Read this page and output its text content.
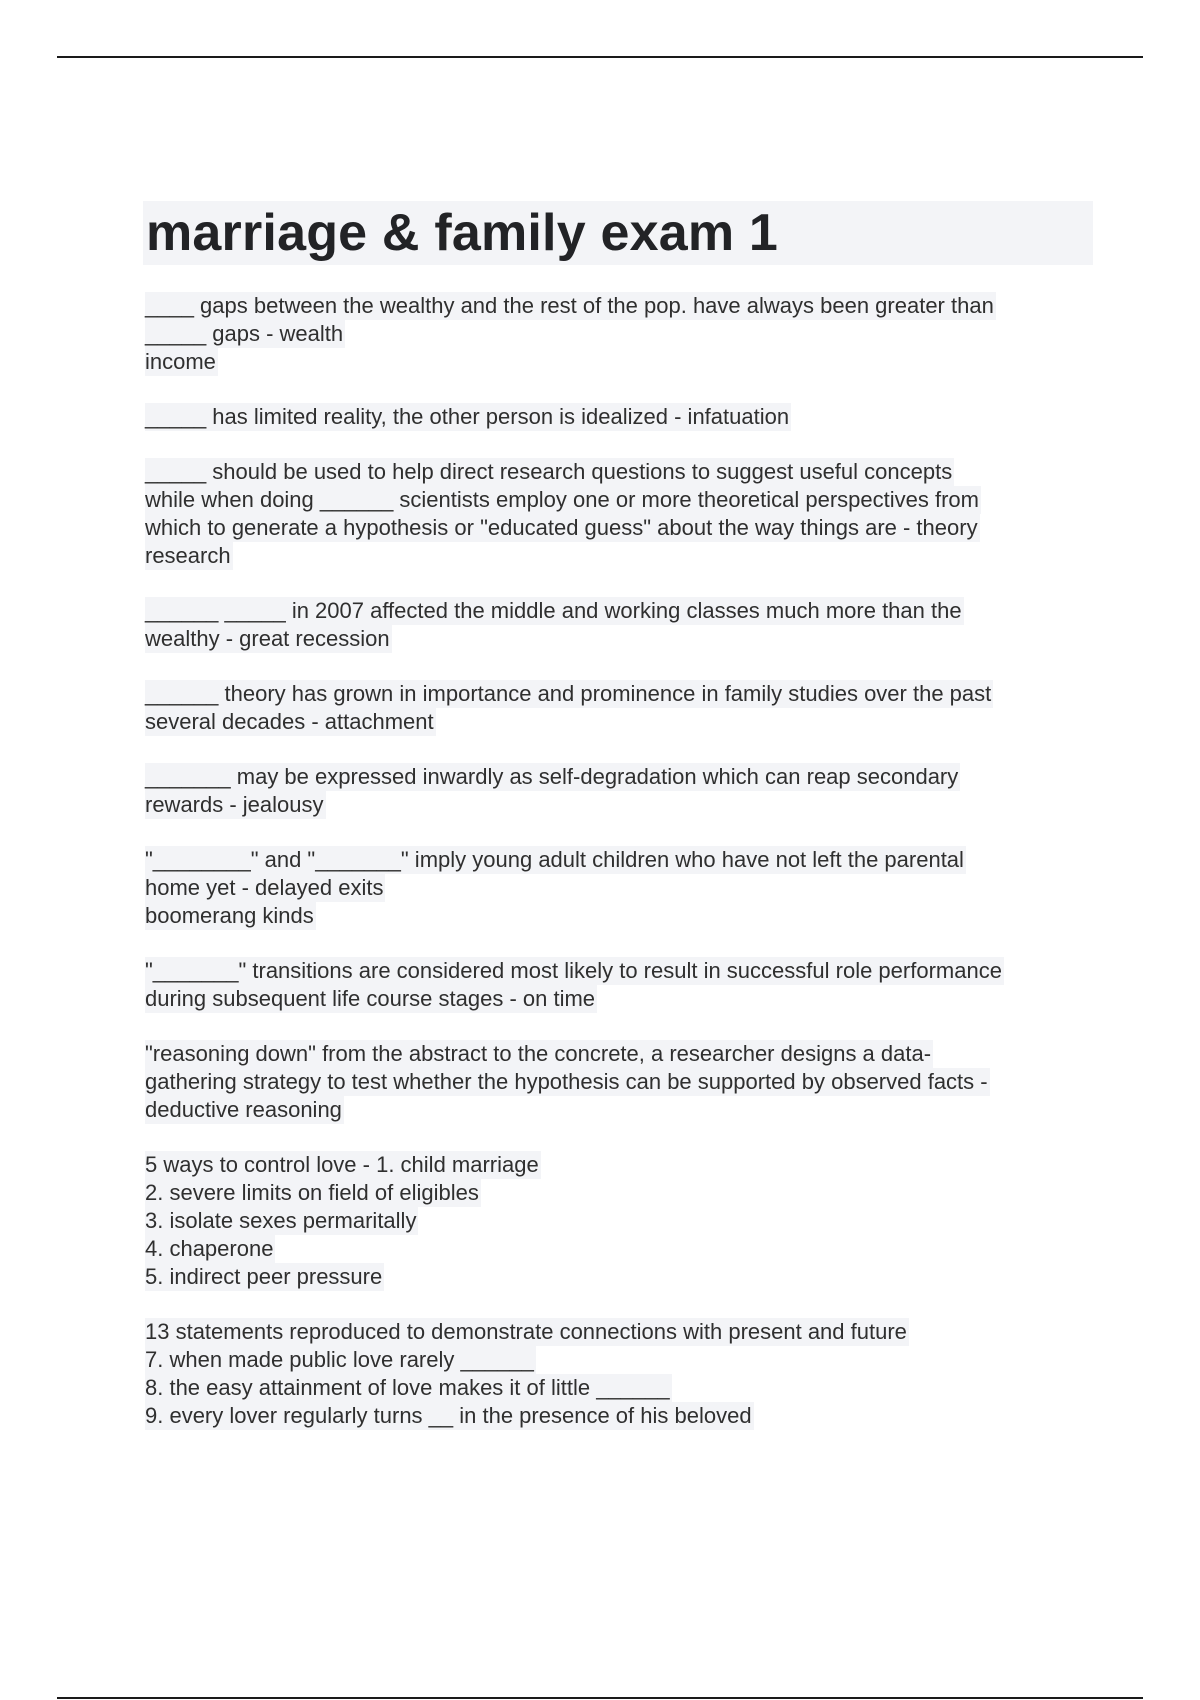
marriage & family exam 1
____ gaps between the wealthy and the rest of the pop. have always been greater than
_____ gaps - wealth
income
_____ has limited reality, the other person is idealized - infatuation
_____ should be used to help direct research questions to suggest useful concepts
while when doing ______ scientists employ one or more theoretical perspectives from
which to generate a hypothesis or "educated guess" about the way things are - theory
research
______ _____ in 2007 affected the middle and working classes much more than the
wealthy - great recession
______ theory has grown in importance and prominence in family studies over the past
several decades - attachment
_______ may be expressed inwardly as self-degradation which can reap secondary
rewards - jealousy
"________" and "_______" imply young adult children who have not left the parental
home yet - delayed exits
boomerang kinds
"_______" transitions are considered most likely to result in successful role performance
during subsequent life course stages - on time
"reasoning down" from the abstract to the concrete, a researcher designs a data-
gathering strategy to test whether the hypothesis can be supported by observed facts -
deductive reasoning
5 ways to control love - 1. child marriage
2. severe limits on field of eligibles
3. isolate sexes permaritally
4. chaperone
5. indirect peer pressure
13 statements reproduced to demonstrate connections with present and future
7. when made public love rarely ______
8. the easy attainment of love makes it of little ______
9. every lover regularly turns __ in the presence of his beloved
